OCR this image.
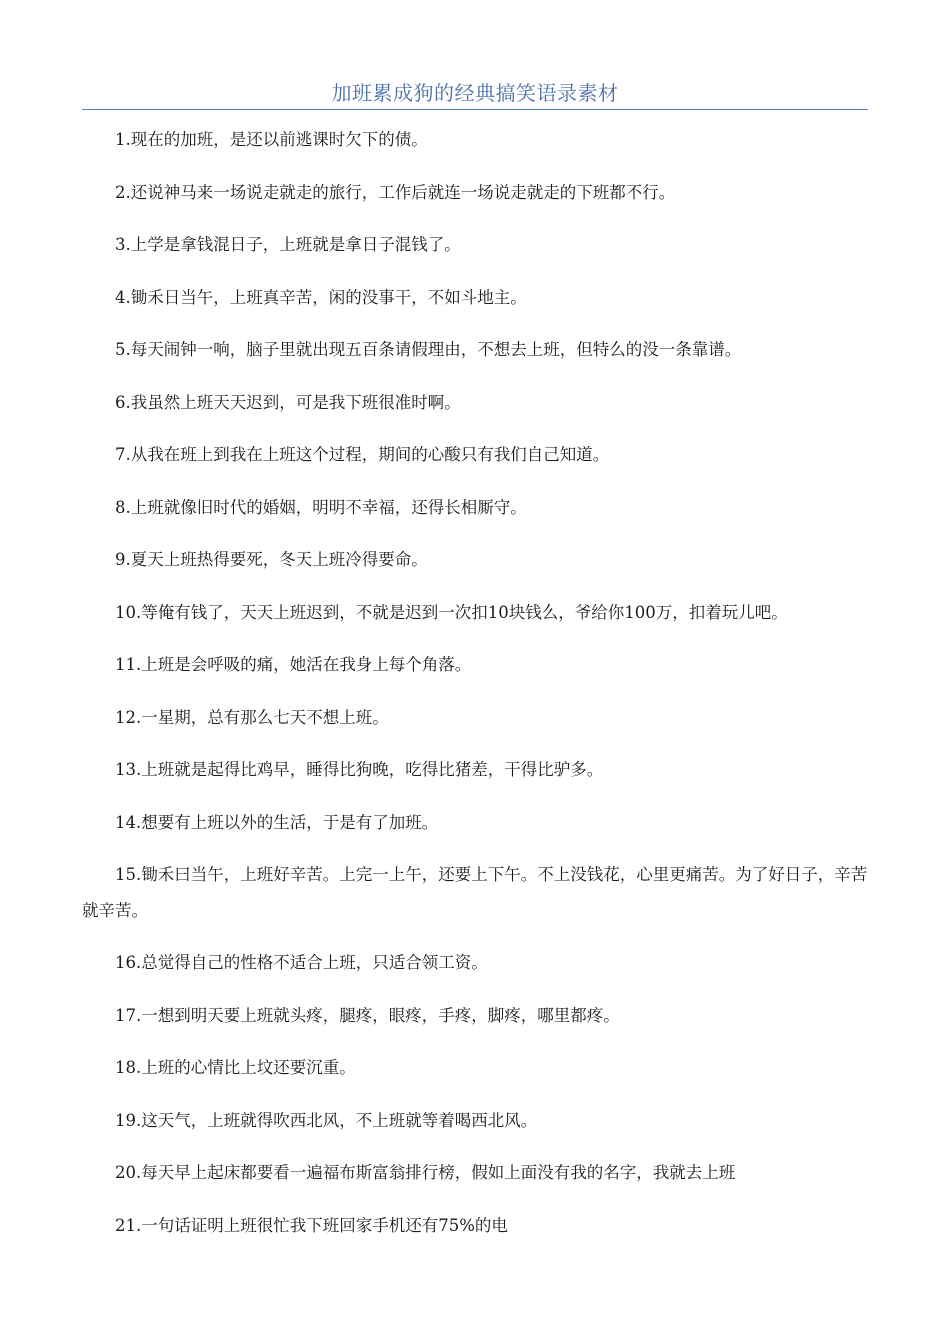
加班累成狗的经典搞笑语录素材

1.现在的加班，是还以前逃课时欠下的债。

2.还说神马来一场说走就走的旅行，工作后就连一场说走就走的下班都不行。

3.上学是拿钱混日子，上班就是拿日子混钱了。

4.锄禾日当午，上班真辛苦，闲的没事干，不如斗地主。

5.每天闹钟一响，脑子里就出现五百条请假理由，不想去上班，但特么的没一条靠谱。

6.我虽然上班天天迟到，可是我下班很准时啊。

7.从我在班上到我在上班这个过程，期间的心酸只有我们自己知道。

8.上班就像旧时代的婚姻，明明不幸福，还得长相厮守。

9.夏天上班热得要死，冬天上班冷得要命。

10.等俺有钱了，天天上班迟到，不就是迟到一次扣10块钱么，爷给你100万，扣着玩儿吧。

11.上班是会呼吸的痛，她活在我身上每个角落。

12.一星期，总有那么七天不想上班。

13.上班就是起得比鸡早，睡得比狗晚，吃得比猪差，干得比驴多。

14.想要有上班以外的生活，于是有了加班。

15.锄禾曰当午，上班好辛苦。上完一上午，还要上下午。不上没钱花，心里更痛苦。为了好日子，辛苦就辛苦。

16.总觉得自己的性格不适合上班，只适合领工资。

17.一想到明天要上班就头疼，腿疼，眼疼，手疼，脚疼，哪里都疼。

18.上班的心情比上坟还要沉重。

19.这天气，上班就得吹西北风，不上班就等着喝西北风。

20.每天早上起床都要看一遍福布斯富翁排行榜，假如上面没有我的名字，我就去上班

21.一句话证明上班很忙我下班回家手机还有75%的电
